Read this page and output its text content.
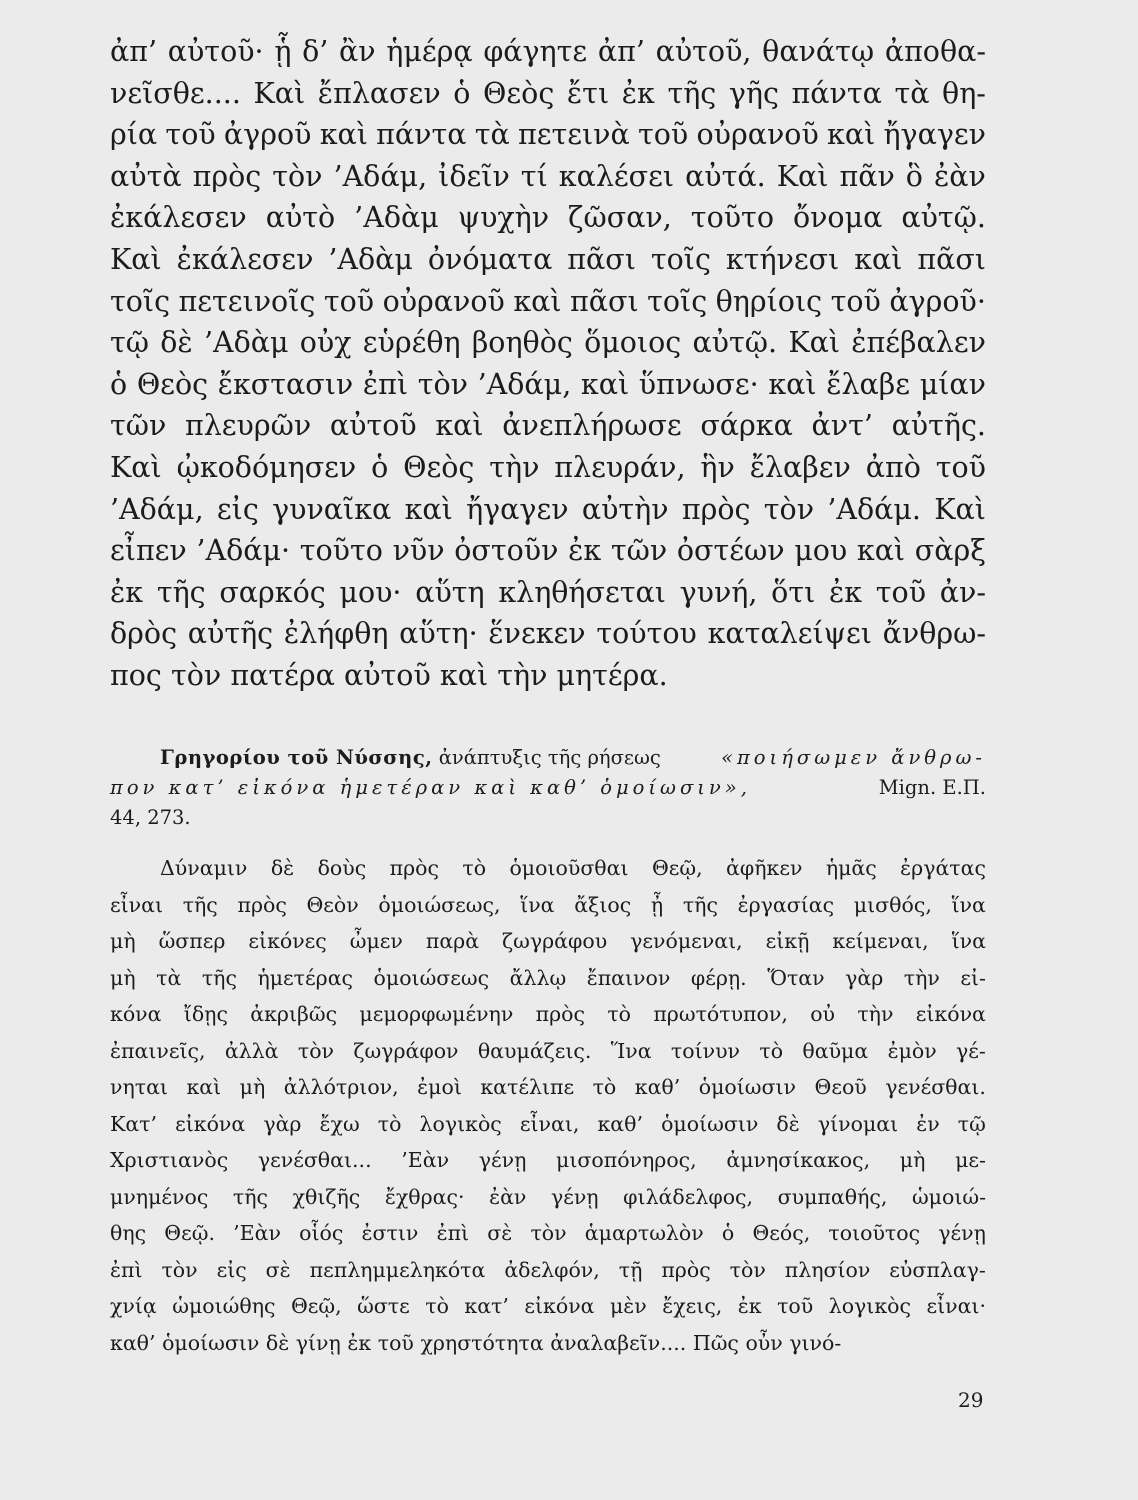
ἀπ’ αὐτοῦ· ᾗ δ’ ἂν ἡμέρᾳ φάγητε ἀπ’ αὐτοῦ, θανάτῳ ἀποθα-
νεῖσθε.... Καὶ ἔπλασεν ὁ Θεὸς ἔτι ἐκ τῆς γῆς πάντα τὰ θη-
ρία τοῦ ἀγροῦ καὶ πάντα τὰ πετεινὰ τοῦ οὐρανοῦ καὶ ἤγαγεν
αὐτὰ πρὸς τὸν ’Αδάμ, ἰδεῖν τί καλέσει αὐτά. Καὶ πᾶν ὃ ἐὰν
ἐκάλεσεν αὐτὸ ’Αδὰμ ψυχὴν ζῶσαν, τοῦτο ὄνομα αὐτῷ.
Καὶ ἐκάλεσεν ’Αδὰμ ὀνόματα πᾶσι τοῖς κτήνεσι καὶ πᾶσι
τοῖς πετεινοῖς τοῦ οὐρανοῦ καὶ πᾶσι τοῖς θηρίοις τοῦ ἀγροῦ·
τῷ δὲ ’Αδὰμ οὐχ εὑρέθη βοηθὸς ὅμοιος αὐτῷ. Καὶ ἐπέβαλεν
ὁ Θεὸς ἔκστασιν ἐπὶ τὸν ’Αδάμ, καὶ ὕπνωσε· καὶ ἔλαβε μίαν
τῶν πλευρῶν αὐτοῦ καὶ ἀνεπλήρωσε σάρκα ἀντ’ αὐτῆς.
Καὶ ᾠκοδόμησεν ὁ Θεὸς τὴν πλευράν, ἣν ἔλαβεν ἀπὸ τοῦ
’Αδάμ, εἰς γυναῖκα καὶ ἤγαγεν αὐτὴν πρὸς τὸν ’Αδάμ. Καὶ
εἶπεν ’Αδάμ· τοῦτο νῦν ὀστοῦν ἐκ τῶν ὀστέων μου καὶ σὰρξ
ἐκ τῆς σαρκός μου· αὕτη κληθήσεται γυνή, ὅτι ἐκ τοῦ ἀν-
δρὸς αὐτῆς ἐλήφθη αὕτη· ἕνεκεν τούτου καταλείψει ἄνθρω-
πος τὸν πατέρα αὐτοῦ καὶ τὴν μητέρα.
Γρηγορίου τοῦ Νύσσης, ἀνάπτυξις τῆς ρήσεως	«ποιήσωμεν ἄνθρω-
πον κατ’ εἰκόνα ἡμετέραν καὶ καθ’ ὁμοίωσιν»,	Mign. Ε.Π.
44, 273.
Δύναμιν δὲ δοὺς πρὸς τὸ ὁμοιοῦσθαι Θεῷ, ἀφῆκεν ἡμᾶς ἐργάτας
εἶναι τῆς πρὸς Θεὸν ὁμοιώσεως, ἵνα ἄξιος ᾖ τῆς ἐργασίας μισθός, ἵνα
μὴ ὥσπερ εἰκόνες ὦμεν παρὰ ζωγράφου γενόμεναι, εἰκῇ κείμεναι, ἵνα
μὴ τὰ τῆς ἡμετέρας ὁμοιώσεως ἄλλῳ ἔπαινον φέρῃ. Ὅταν γὰρ τὴν εἰ-
κόνα ἴδῃς ἀκριβῶς μεμορφωμένην πρὸς τὸ πρωτότυπον, οὐ τὴν εἰκόνα
ἐπαινεῖς, ἀλλὰ τὸν ζωγράφον θαυμάζεις. Ἵνα τοίνυν τὸ θαῦμα ἐμὸν γέ-
νηται καὶ μὴ ἀλλότριον, ἐμοὶ κατέλιπε τὸ καθ’ ὁμοίωσιν Θεοῦ γενέσθαι.
Κατ’ εἰκόνα γὰρ ἔχω τὸ λογικὸς εἶναι, καθ’ ὁμοίωσιν δὲ γίνομαι ἐν τῷ
Χριστιανὸς γενέσθαι... ’Εὰν γένῃ μισοπόνηρος, ἀμνησίκακος, μὴ με-
μνημένος τῆς χθιζῆς ἔχθρας· ἐὰν γένῃ φιλάδελφος, συμπαθής, ὡμοιώ-
θης Θεῷ. ’Εὰν οἷός ἐστιν ἐπὶ σὲ τὸν ἁμαρτωλὸν ὁ Θεός, τοιοῦτος γένῃ
ἐπὶ τὸν εἰς σὲ πεπλημμεληκότα ἀδελφόν, τῇ πρὸς τὸν πλησίον εὐσπλαγ-
χνίᾳ ὡμοιώθης Θεῷ, ὥστε τὸ κατ’ εἰκόνα μὲν ἔχεις, ἐκ τοῦ λογικὸς εἶναι·
καθ’ ὁμοίωσιν δὲ γίνῃ ἐκ τοῦ χρηστότητα ἀναλαβεῖν.... Πῶς οὖν γινό-
29
